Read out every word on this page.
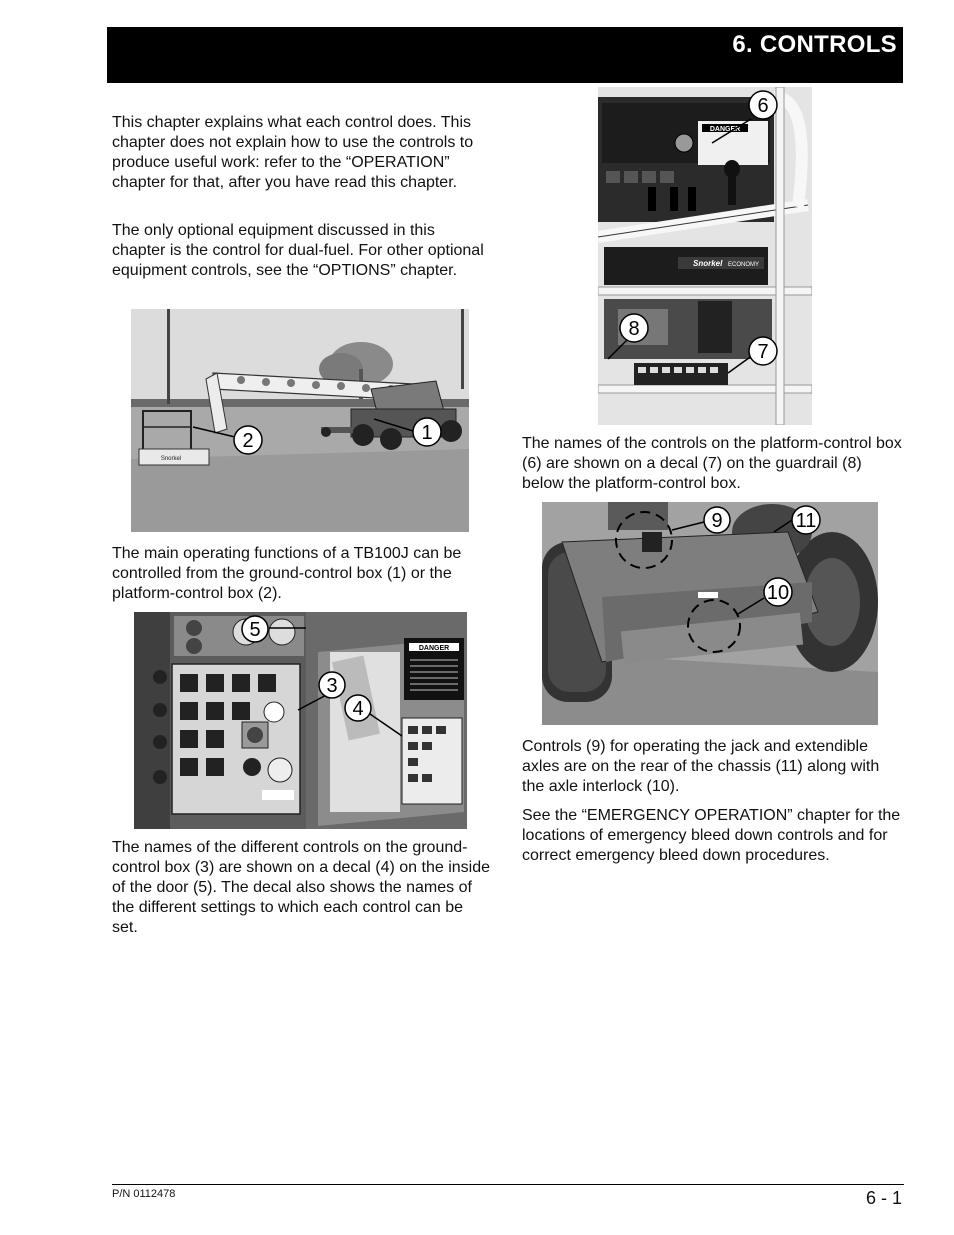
6. CONTROLS

This chapter explains what each control does. This chapter does not explain how to use the controls to produce useful work: refer to the “OPERATION” chapter for that, after you have read this chapter.

The only optional equipment discussed in this chapter is the control for dual-fuel. For other optional equipment controls, see the “OPTIONS” chapter.

Snorkel
2	1

The main operating functions of a TB100J can be controlled from the ground-control box (1) or the platform-control box (2).

DANGER
5
3
4

The names of the different controls on the ground-control box (3) are shown on a decal (4) on the inside of the door (5). The decal also shows the names of the different settings to which each control can be set.

DANGER
Snorkel ECONOMY
6
8
7

The names of the controls on the platform-control box (6) are shown on a decal (7) on the guardrail (8) below the platform-control box.

9	11
10

Controls (9) for operating the jack and extendible axles are on the rear of the chassis (11) along with the axle interlock (10).

See the “EMERGENCY OPERATION” chapter for the locations of emergency bleed down controls and for correct emergency bleed down procedures.

P/N 0112478	6 - 1
